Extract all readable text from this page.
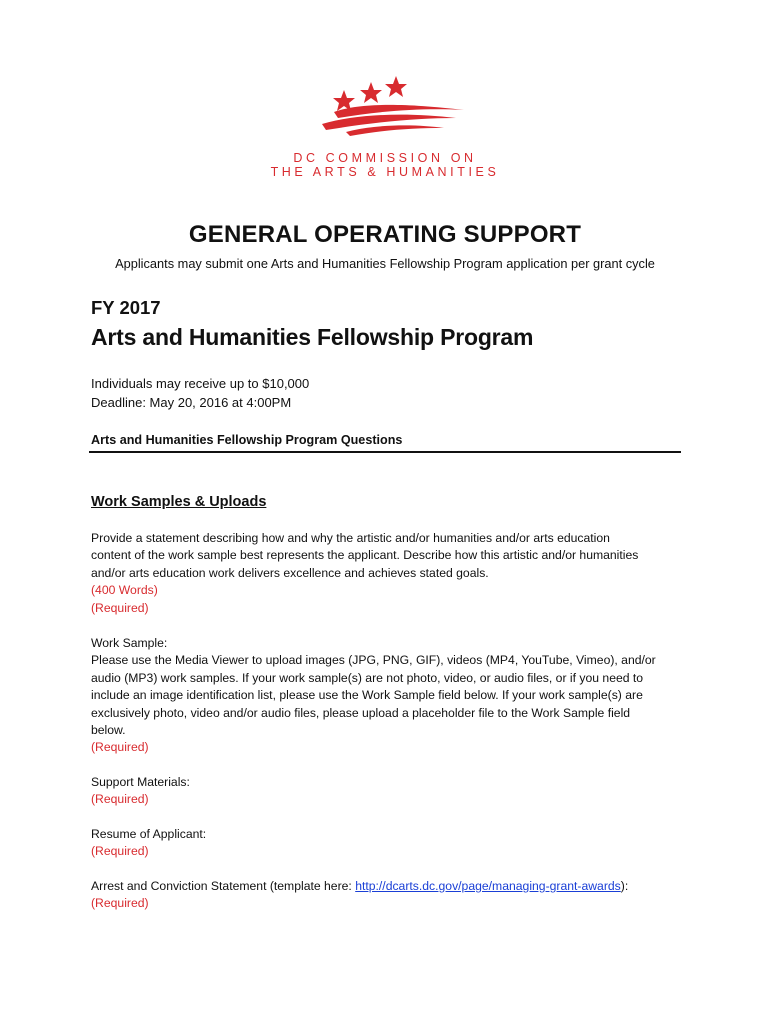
DC COMMISSION ON
THE ARTS & HUMANITIES
GENERAL OPERATING SUPPORT
Applicants may submit one Arts and Humanities Fellowship Program application per grant cycle
FY 2017
Arts and Humanities Fellowship Program
Individuals may receive up to $10,000
Deadline: May 20, 2016 at 4:00PM
Arts and Humanities Fellowship Program Questions
Work Samples & Uploads
Provide a statement describing how and why the artistic and/or humanities and/or arts education
content of the work sample best represents the applicant. Describe how this artistic and/or humanities
and/or arts education work delivers excellence and achieves stated goals.
(400 Words)
(Required)
Work Sample:
Please use the Media Viewer to upload images (JPG, PNG, GIF), videos (MP4, YouTube, Vimeo), and/or
audio (MP3) work samples. If your work sample(s) are not photo, video, or audio files, or if you need to
include an image identification list, please use the Work Sample field below. If your work sample(s) are
exclusively photo, video and/or audio files, please upload a placeholder file to the Work Sample field
below.
(Required)
Support Materials:
(Required)
Resume of Applicant:
(Required)
Arrest and Conviction Statement (template here: http://dcarts.dc.gov/page/managing-grant-awards):
(Required)
